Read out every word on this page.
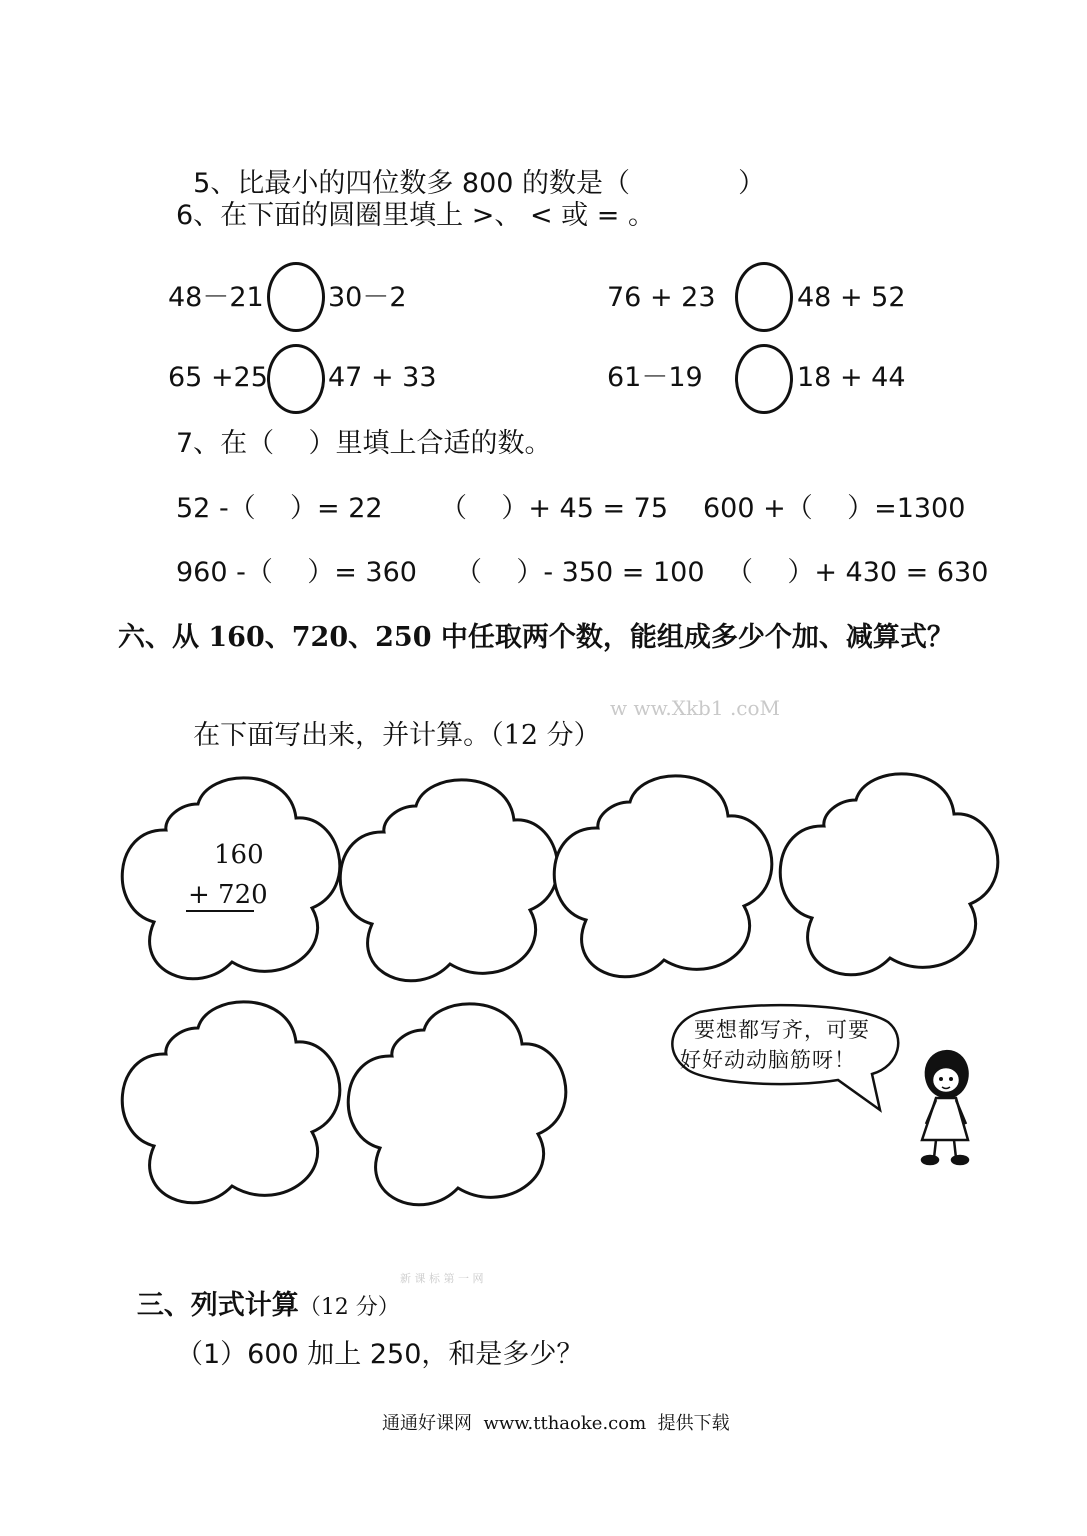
5、比最小的四位数多 800 的数是（	）

6、在下面的圆圈里填上 >、 < 或 = 。
48－21 30－2	76 + 23	48 + 52
65 +25 47 + 33	61－19	18 + 44
7、在（    ）里填上合适的数。
52 -（    ）= 22 （    ）+ 45 = 75 600 +（    ）=1300
960 -（    ）= 360 （    ）- 350 = 100 （    ）+ 430 = 630
六、从 160、720、250 中任取两个数，能组成多少个加、减算式？

在下面写出来，并计算。（12 分）

w ww.Xkb1 .coM
160
+ 720
要想都写齐，可要
好好动动脑筋呀！

三、列式计算（12 分）

新 课 标 第 一 网
（1）600 加上 250，和是多少？
通通好课网  www.tthaoke.com  提供下载
